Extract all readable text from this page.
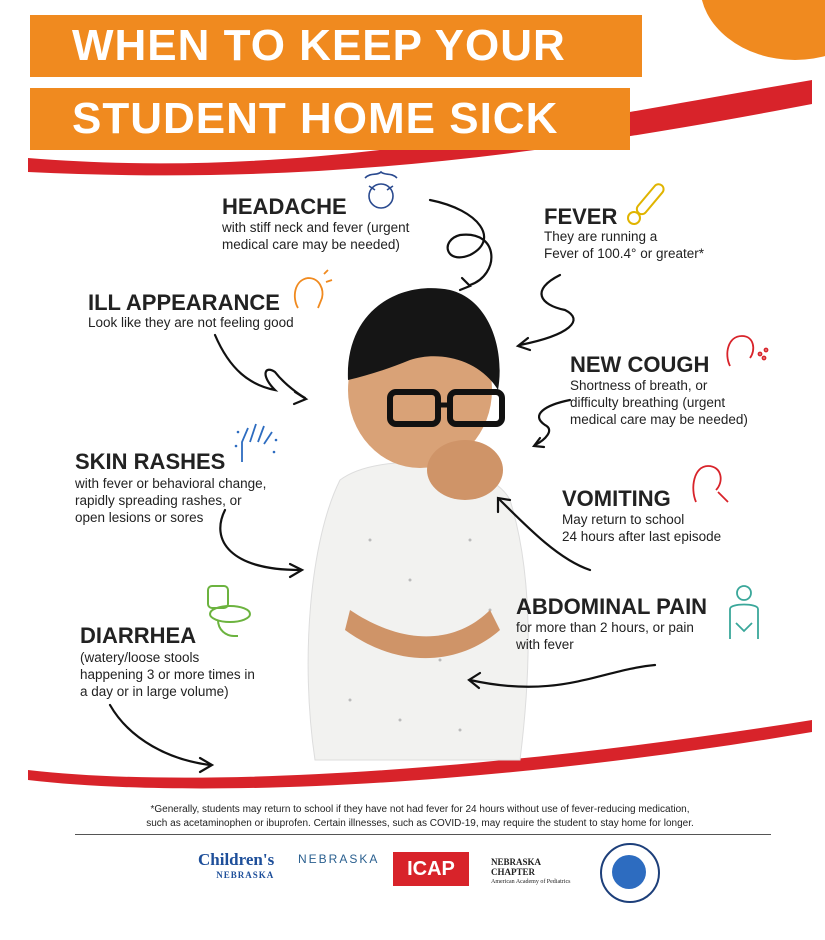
WHEN TO KEEP YOUR
STUDENT HOME SICK
HEADACHE
with stiff neck and fever (urgent
medical care may be needed)
FEVER
They are running a
Fever of 100.4° or greater*
ILL APPEARANCE
Look like they are not feeling good
NEW COUGH
Shortness of breath, or
difficulty breathing (urgent
medical care may be needed)
SKIN RASHES
with fever or behavioral change,
rapidly spreading rashes, or
open lesions or sores
VOMITING
May return to school
24 hours after last episode
ABDOMINAL PAIN
for more than 2 hours, or pain
with fever
DIARRHEA
(watery/loose stools
happening 3 or more times in
a day or in large volume)
*Generally, students may return to school if they have not had fever for 24 hours without use of fever-reducing medication,
such as acetaminophen or ibuprofen. Certain illnesses, such as COVID-19, may require the student to stay home for longer.
Children's
NEBRASKA
NEBRASKA	ICAP	NEBRASKA
CHAPTER
American Academy of Pediatrics
